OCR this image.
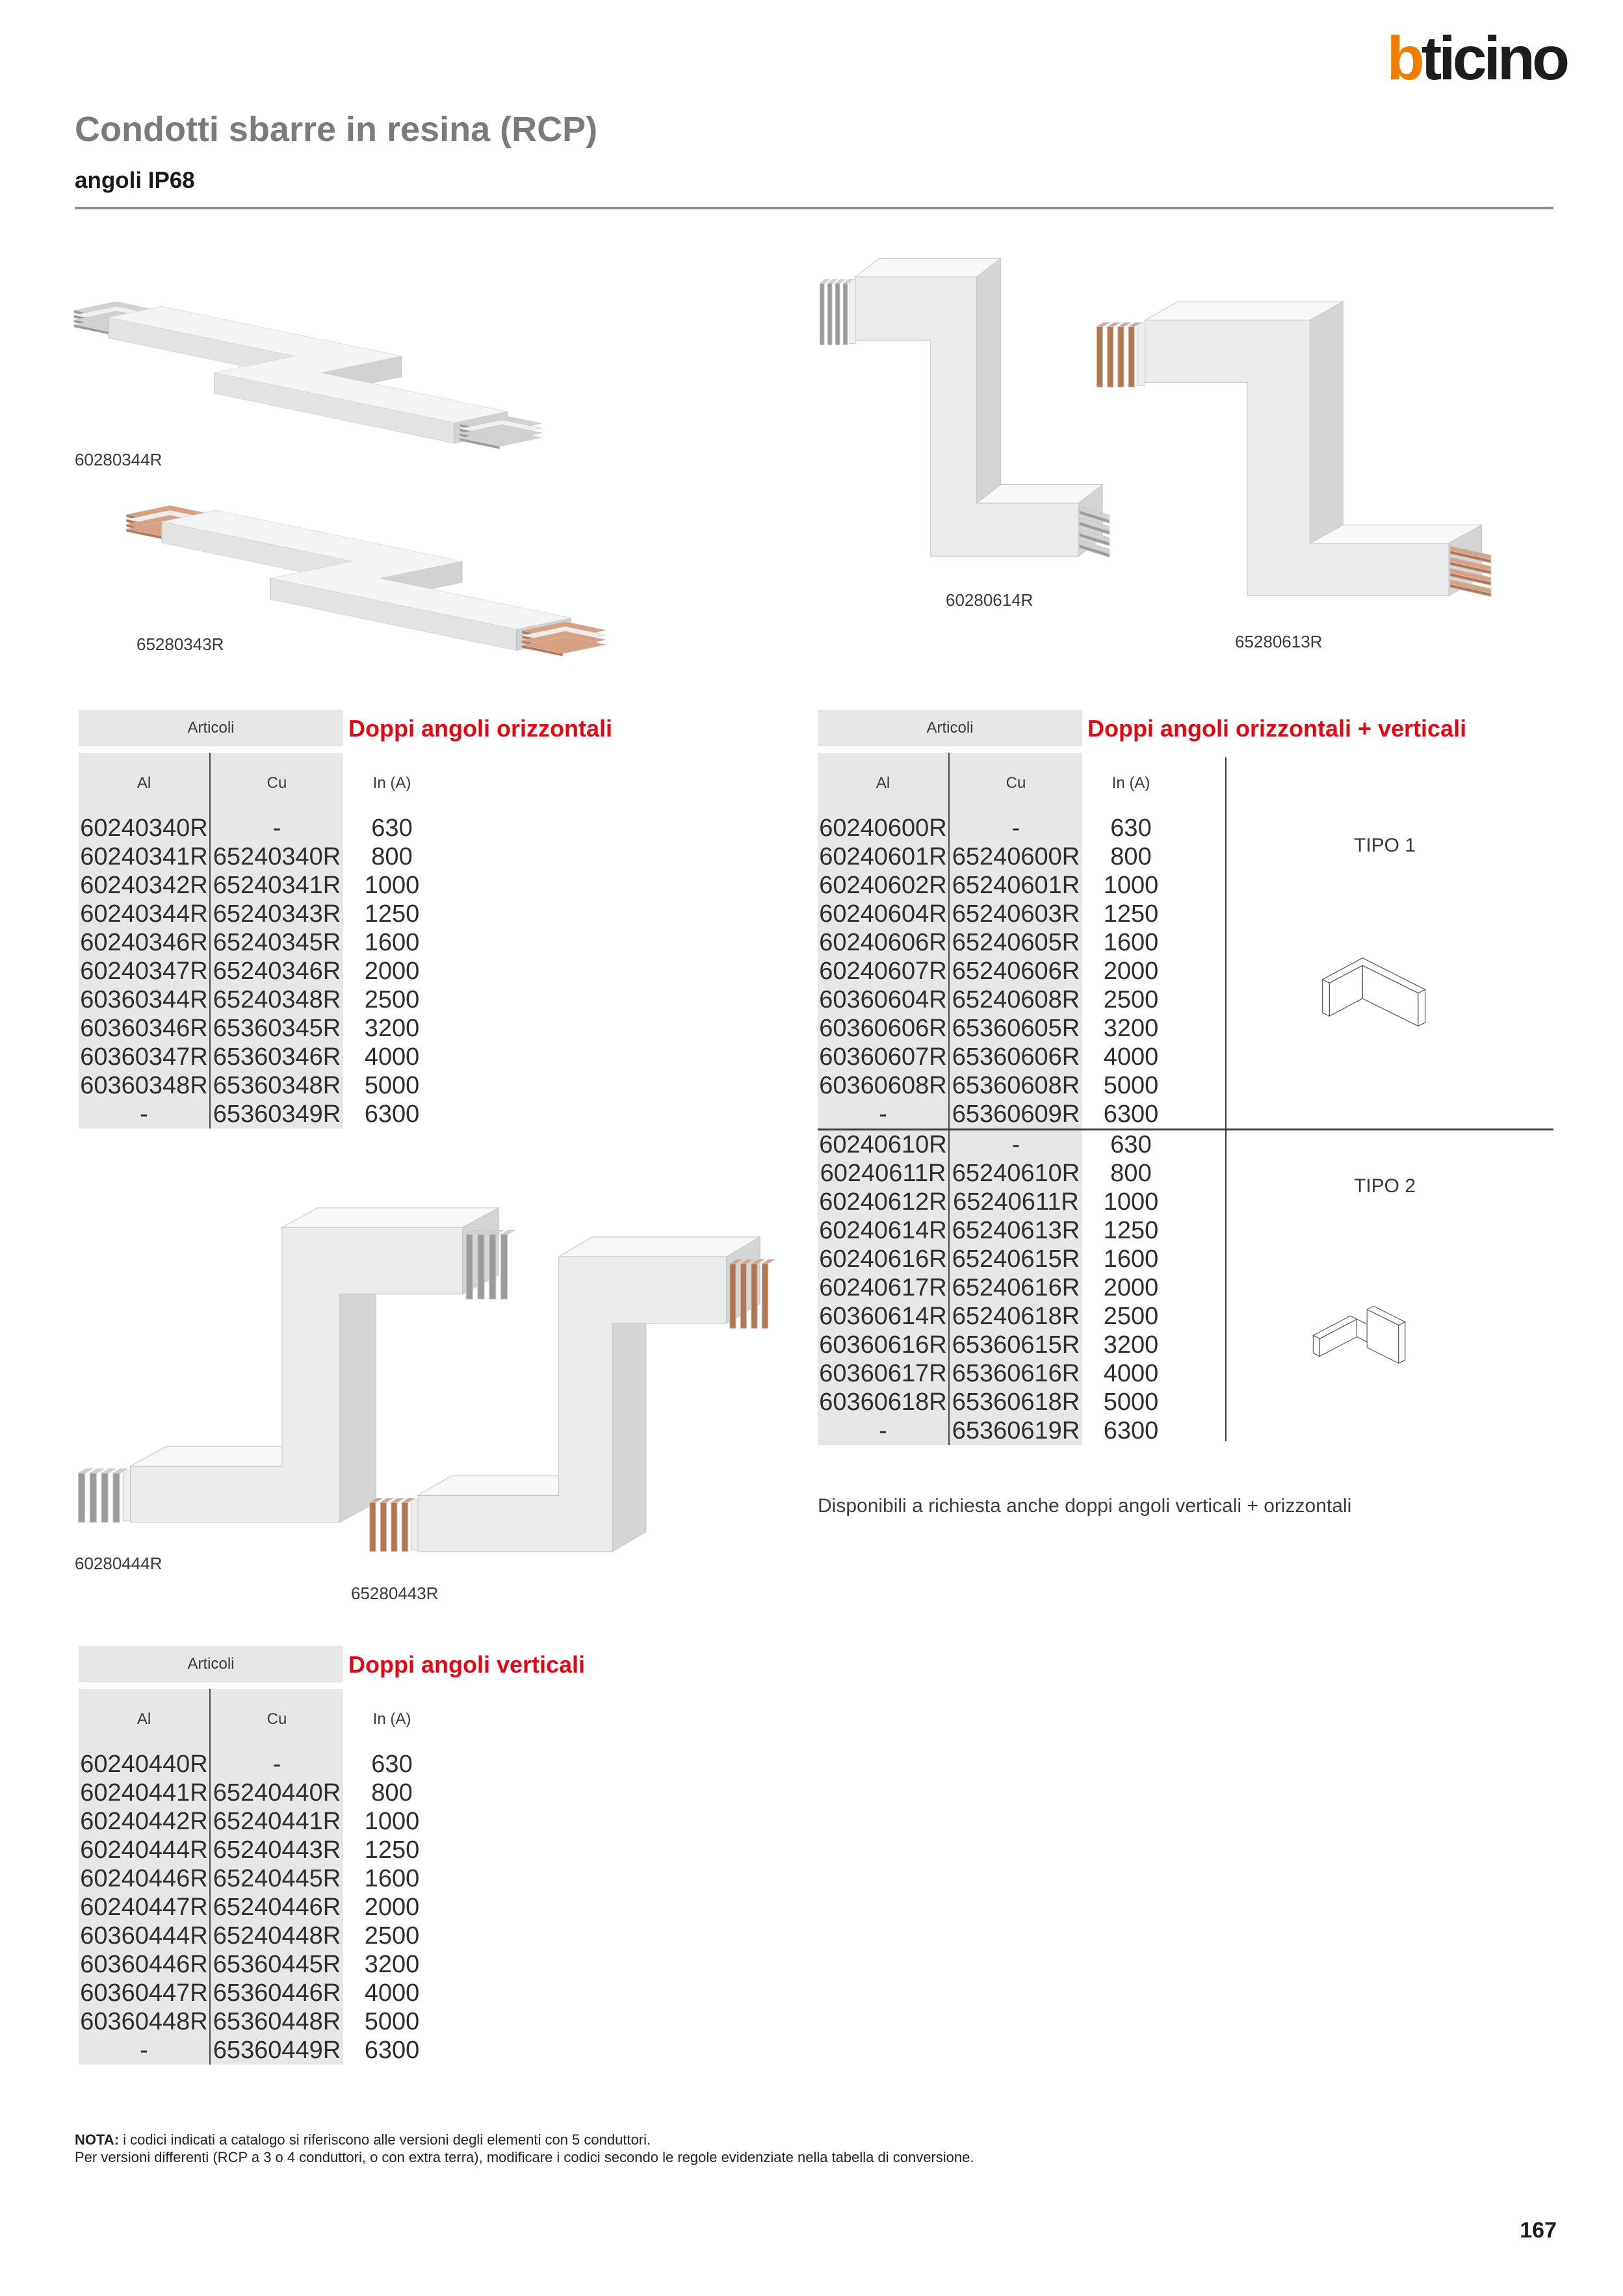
bticino
Condotti sbarre in resina (RCP)
angoli IP68
60280344R
65280343R
60280614R
65280613R
60280444R
65280443R
Articoli	Doppi angoli orizzontali
Al	Cu	In (A)
60240340R	-	630
60240341R 65240340R	800
60240342R 65240341R 1000
60240344R 65240343R 1250
60240346R 65240345R 1600
60240347R 65240346R 2000
60360344R 65240348R 2500
60360346R 65360345R 3200
60360347R 65360346R 4000
60360348R 65360348R 5000
-	65360349R 6300
Articoli	Doppi angoli orizzontali + verticali
Al	Cu	In (A)
60240600R	-	630
60240601R 65240600R	800
60240602R 65240601R 1000
60240604R 65240603R 1250
60240606R 65240605R 1600
60240607R 65240606R 2000
60360604R 65240608R 2500
60360606R 65360605R 3200
60360607R 65360606R 4000
60360608R 65360608R 5000
-	65360609R 6300
60240610R	-	630
60240611R 65240610R	800
60240612R 65240611R 1000
60240614R 65240613R 1250
60240616R 65240615R 1600
60240617R 65240616R 2000
60360614R 65240618R 2500
60360616R 65360615R 3200
60360617R 65360616R 4000
60360618R 65360618R 5000
-	65360619R 6300
TIPO 1
TIPO 2
Disponibili a richiesta anche doppi angoli verticali + orizzontali
Articoli	Doppi angoli verticali
Al	Cu	In (A)
60240440R	-	630
60240441R 65240440R	800
60240442R 65240441R 1000
60240444R 65240443R 1250
60240446R 65240445R 1600
60240447R 65240446R 2000
60360444R 65240448R 2500
60360446R 65360445R 3200
60360447R 65360446R 4000
60360448R 65360448R 5000
-	65360449R 6300
NOTA: i codici indicati a catalogo si riferiscono alle versioni degli elementi con 5 conduttori.
Per versioni differenti (RCP a 3 o 4 conduttori, o con extra terra), modificare i codici secondo le regole evidenziate nella tabella di conversione.
167
